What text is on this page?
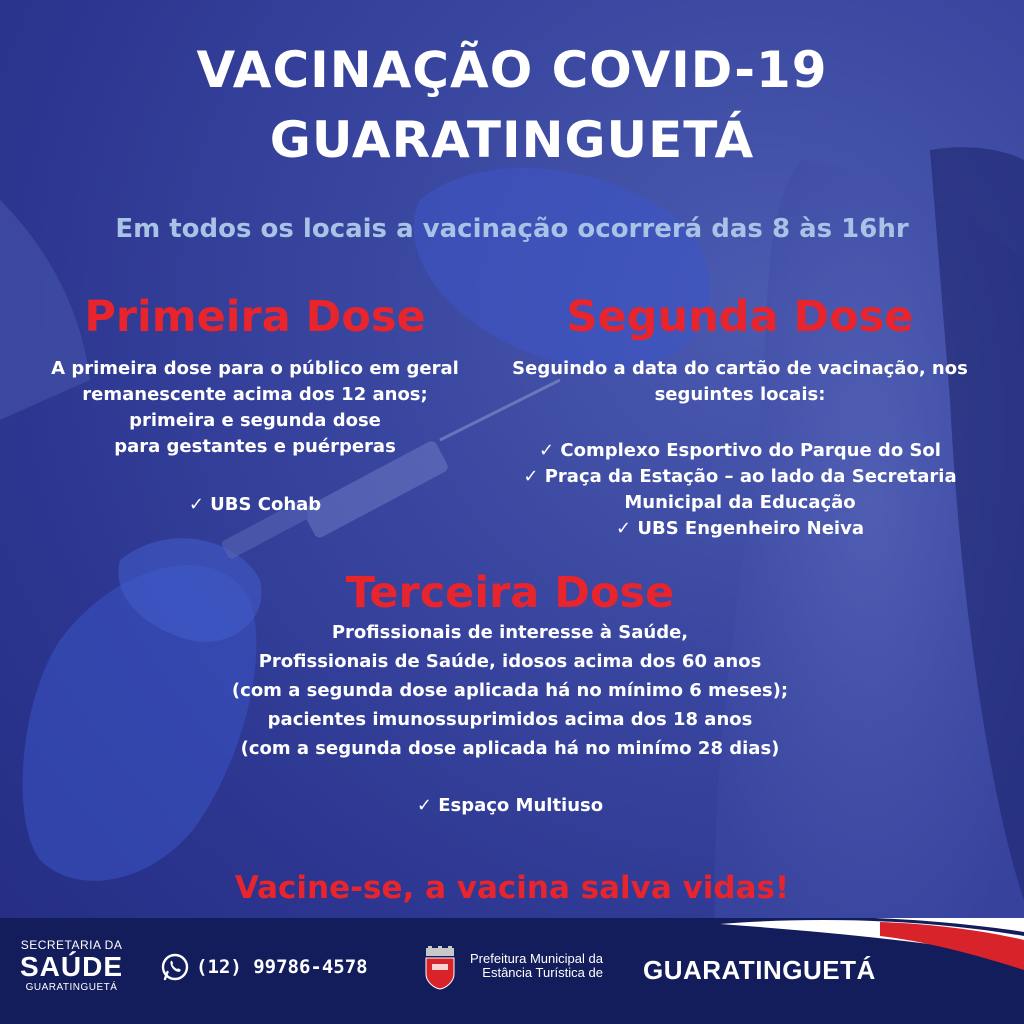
VACINAÇÃO COVID-19
GUARATINGUETÁ
Em todos os locais a vacinação ocorrerá das 8 às 16hr
Primeira Dose
A primeira dose para o público em geral
remanescente acima dos 12 anos;
primeira e segunda dose
para gestantes e puérperas
✓ UBS Cohab
Segunda Dose
Seguindo a data do cartão de vacinação, nos
seguintes locais:
✓ Complexo Esportivo do Parque do Sol
✓ Praça da Estação – ao lado da Secretaria
Municipal da Educação
✓ UBS Engenheiro Neiva
Terceira Dose
Profissionais de interesse à Saúde,
Profissionais de Saúde, idosos acima dos 60 anos
(com a segunda dose aplicada há no mínimo 6 meses);
pacientes imunossuprimidos acima dos 18 anos
(com a segunda dose aplicada há no minímo 28 dias)
✓ Espaço Multiuso
Vacine-se, a vacina salva vidas!
SECRETARIA DA
SAÚDE
GUARATINGUETÁ
(12) 99786-4578	Prefeitura Municipal da
Estância Turística de GUARATINGUETÁ
